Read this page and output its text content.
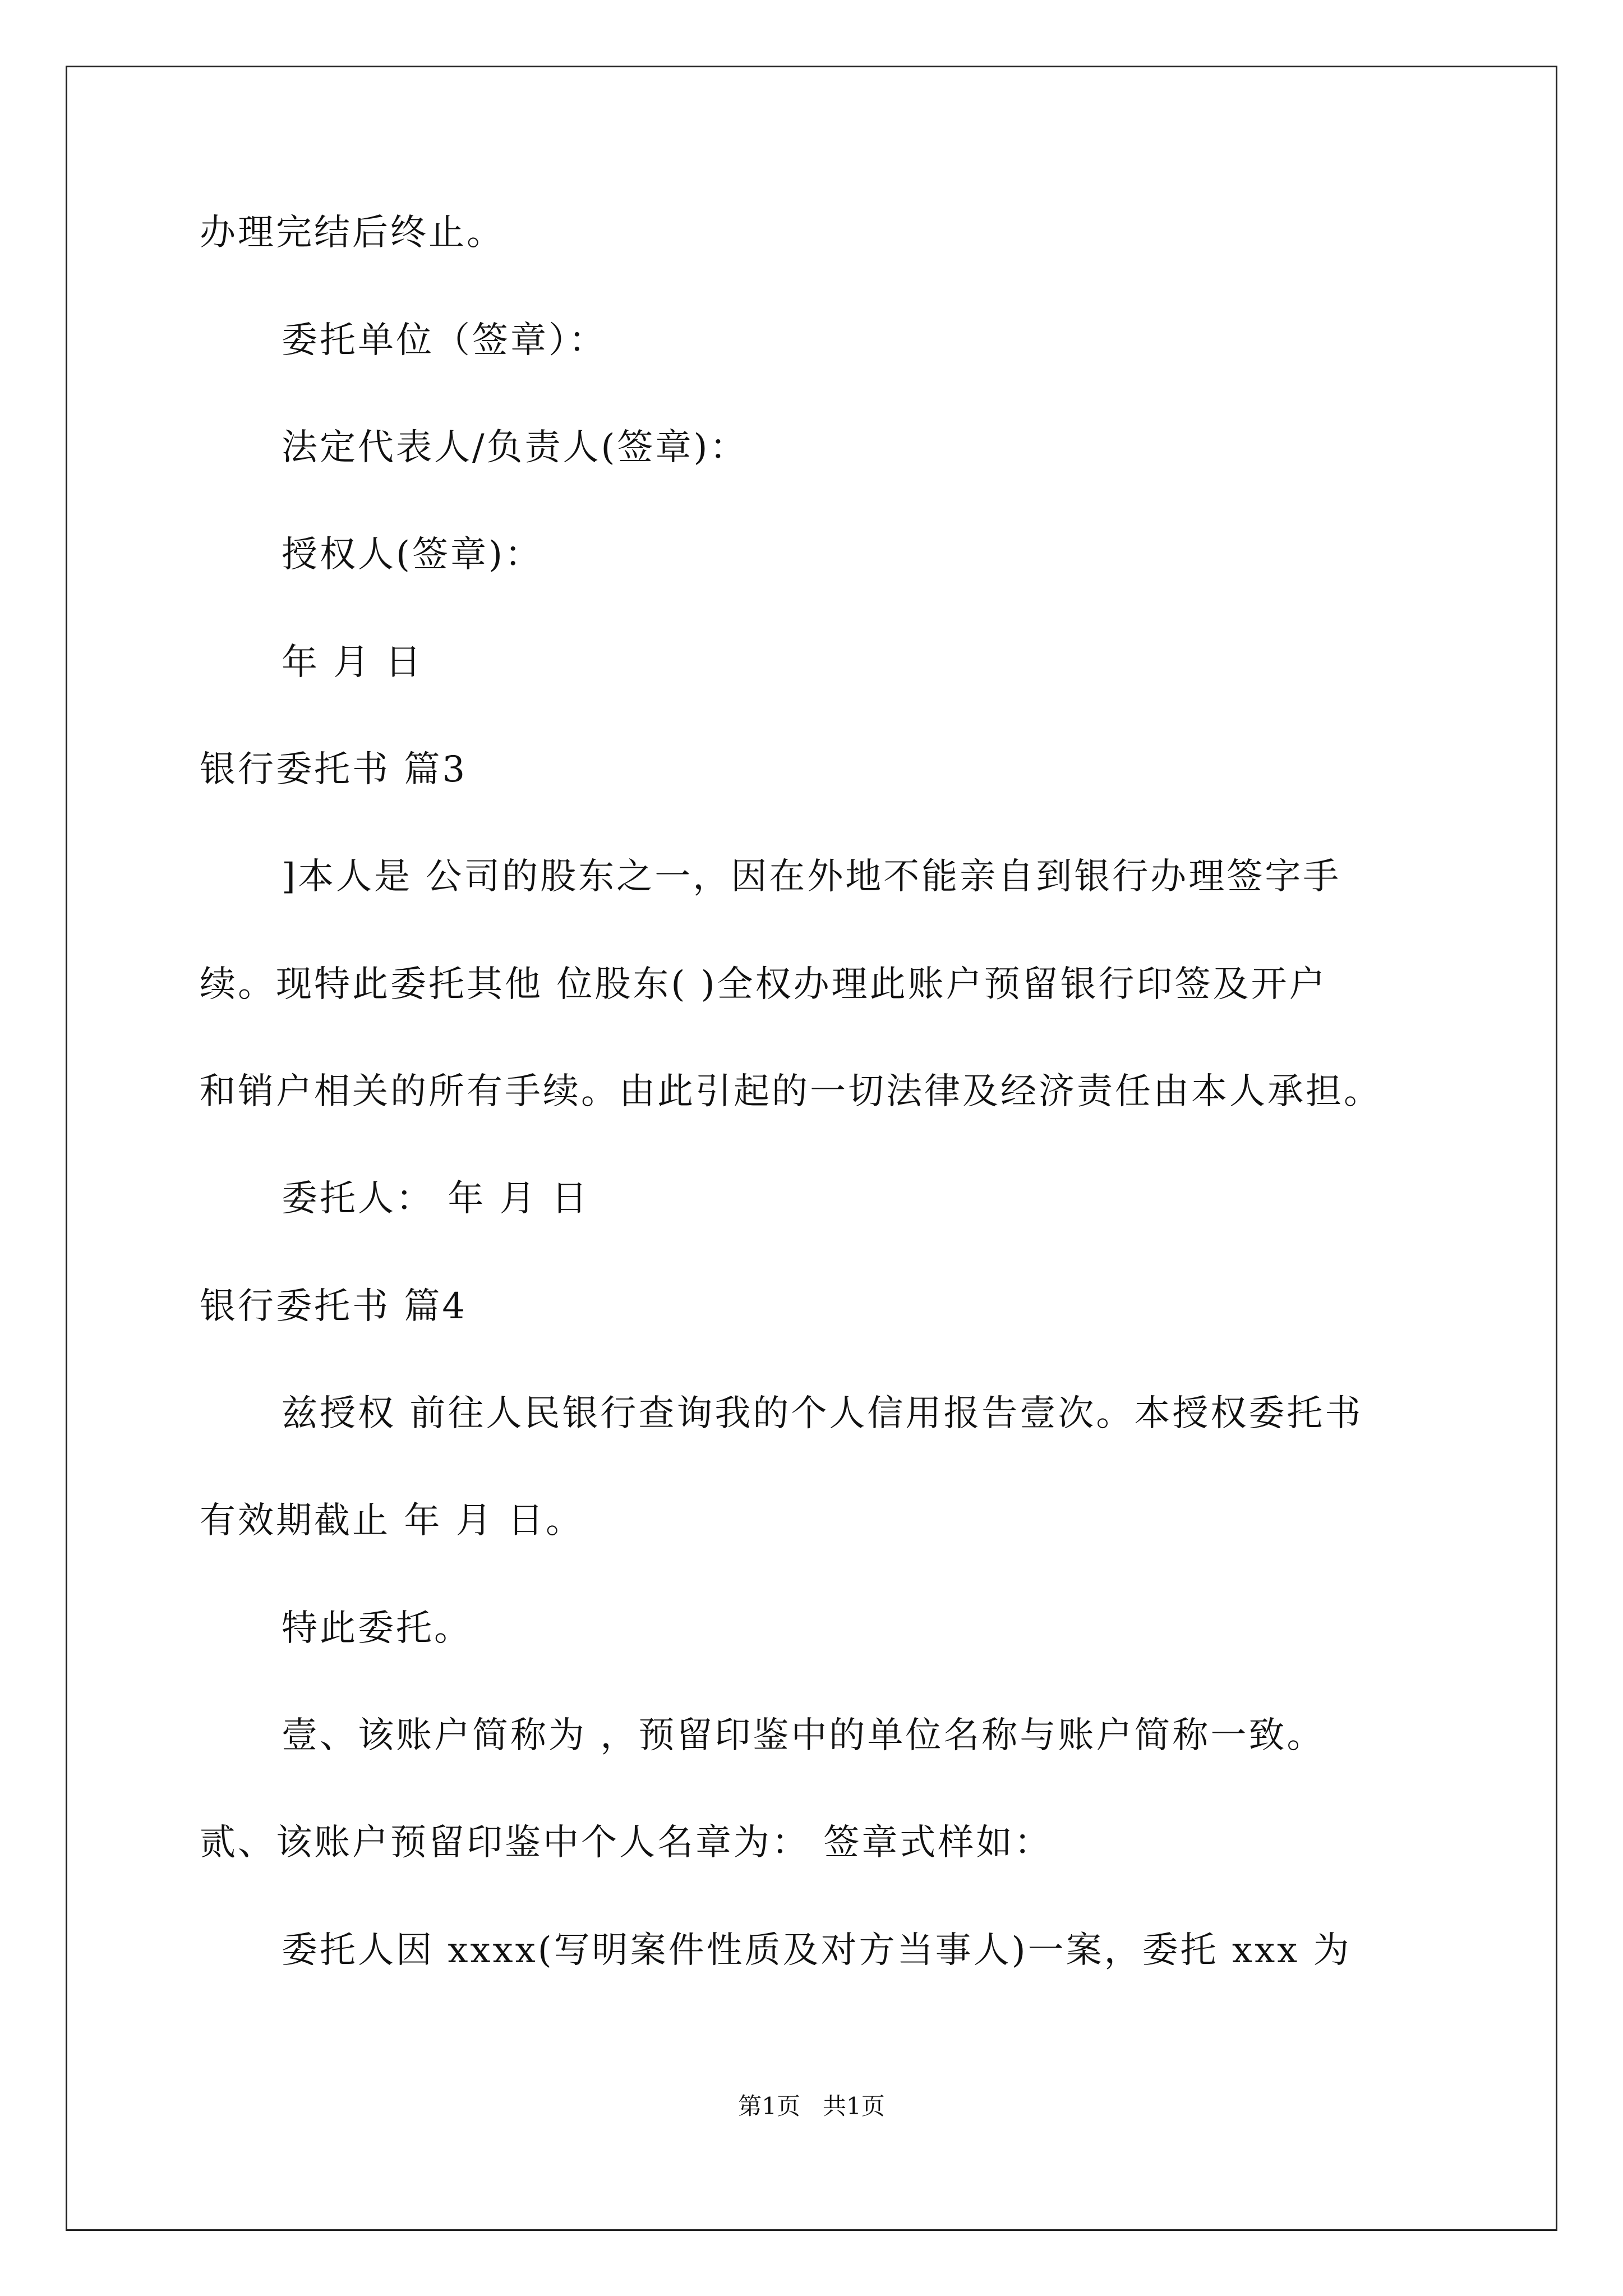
办理完结后终止。
委托单位（签章）：
法定代表人/负责人(签章)：
授权人(签章)：
年 月 日
银行委托书 篇3
]本人是 公司的股东之一，因在外地不能亲自到银行办理签字手
续。现特此委托其他 位股东( )全权办理此账户预留银行印签及开户
和销户相关的所有手续。由此引起的一切法律及经济责任由本人承担。
委托人： 年 月 日
银行委托书 篇4
兹授权 前往人民银行查询我的个人信用报告壹次。本授权委托书
有效期截止 年 月 日。
特此委托。
壹、该账户简称为 ，预留印鉴中的单位名称与账户简称一致。
贰、该账户预留印鉴中个人名章为： 签章式样如：
委托人因 xxxx(写明案件性质及对方当事人)一案，委托 xxx 为
第1页   共1页
